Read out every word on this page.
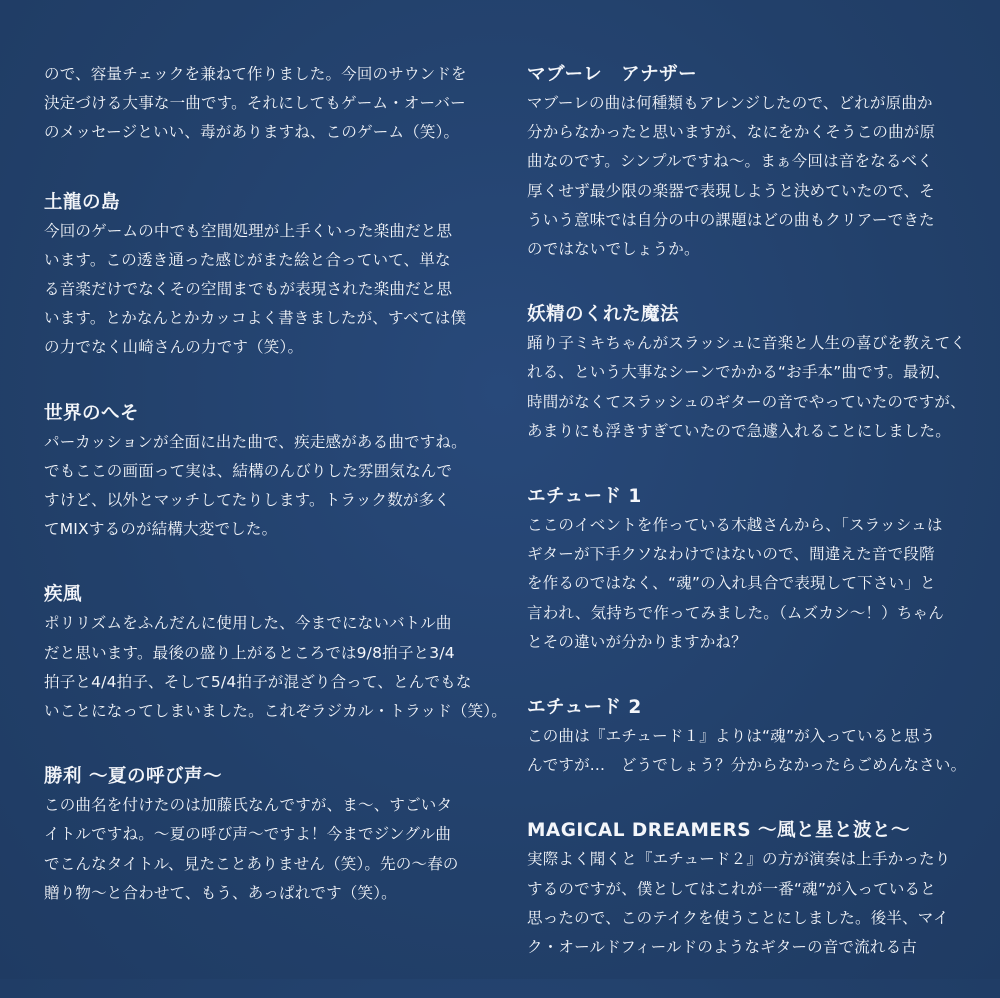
ので、容量チェックを兼ねて作りました。今回のサウンドを
決定づける大事な一曲です。それにしてもゲーム・オーバー
のメッセージといい、毒がありますね、このゲーム（笑）。
土龍の島
今回のゲームの中でも空間処理が上手くいった楽曲だと思
います。この透き通った感じがまた絵と合っていて、単な
る音楽だけでなくその空間までもが表現された楽曲だと思
います。とかなんとかカッコよく書きましたが、すべては僕
の力でなく山崎さんの力です（笑）。
世界のへそ
パーカッションが全面に出た曲で、疾走感がある曲ですね。
でもここの画面って実は、結構のんびりした雰囲気なんで
すけど、以外とマッチしてたりします。トラック数が多く
てMIXするのが結構大変でした。
疾風
ポリリズムをふんだんに使用した、今までにないバトル曲
だと思います。最後の盛り上がるところでは9/8拍子と3/4
拍子と4/4拍子、そして5/4拍子が混ざり合って、とんでもな
いことになってしまいました。これぞラジカル・トラッド（笑）。
勝利 〜夏の呼び声〜
この曲名を付けたのは加藤氏なんですが、ま〜、すごいタ
イトルですね。〜夏の呼び声〜ですよ！今までジングル曲
でこんなタイトル、見たことありません（笑）。先の〜春の
贈り物〜と合わせて、もう、あっぱれです（笑）。
マブーレ　アナザー
マブーレの曲は何種類もアレンジしたので、どれが原曲か
分からなかったと思いますが、なにをかくそうこの曲が原
曲なのです。シンプルですね〜。まぁ今回は音をなるべく
厚くせず最少限の楽器で表現しようと決めていたので、そ
ういう意味では自分の中の課題はどの曲もクリアーできた
のではないでしょうか。
妖精のくれた魔法
踊り子ミキちゃんがスラッシュに音楽と人生の喜びを教えてく
れる、という大事なシーンでかかる“お手本”曲です。最初、
時間がなくてスラッシュのギターの音でやっていたのですが、
あまりにも浮きすぎていたので急遽入れることにしました。
エチュード 1
ここのイベントを作っている木越さんから、「スラッシュは
ギターが下手クソなわけではないので、間違えた音で段階
を作るのではなく、“魂”の入れ具合で表現して下さい」と
言われ、気持ちで作ってみました。（ムズカシ〜！）ちゃん
とその違いが分かりますかね？
エチュード 2
この曲は『エチュード１』よりは“魂”が入っていると思う
んですが...　どうでしょう？分からなかったらごめんなさい。
MAGICAL DREAMERS 〜風と星と波と〜
実際よく聞くと『エチュード２』の方が演奏は上手かったり
するのですが、僕としてはこれが一番“魂”が入っていると
思ったので、このテイクを使うことにしました。後半、マイ
ク・オールドフィールドのようなギターの音で流れる古
